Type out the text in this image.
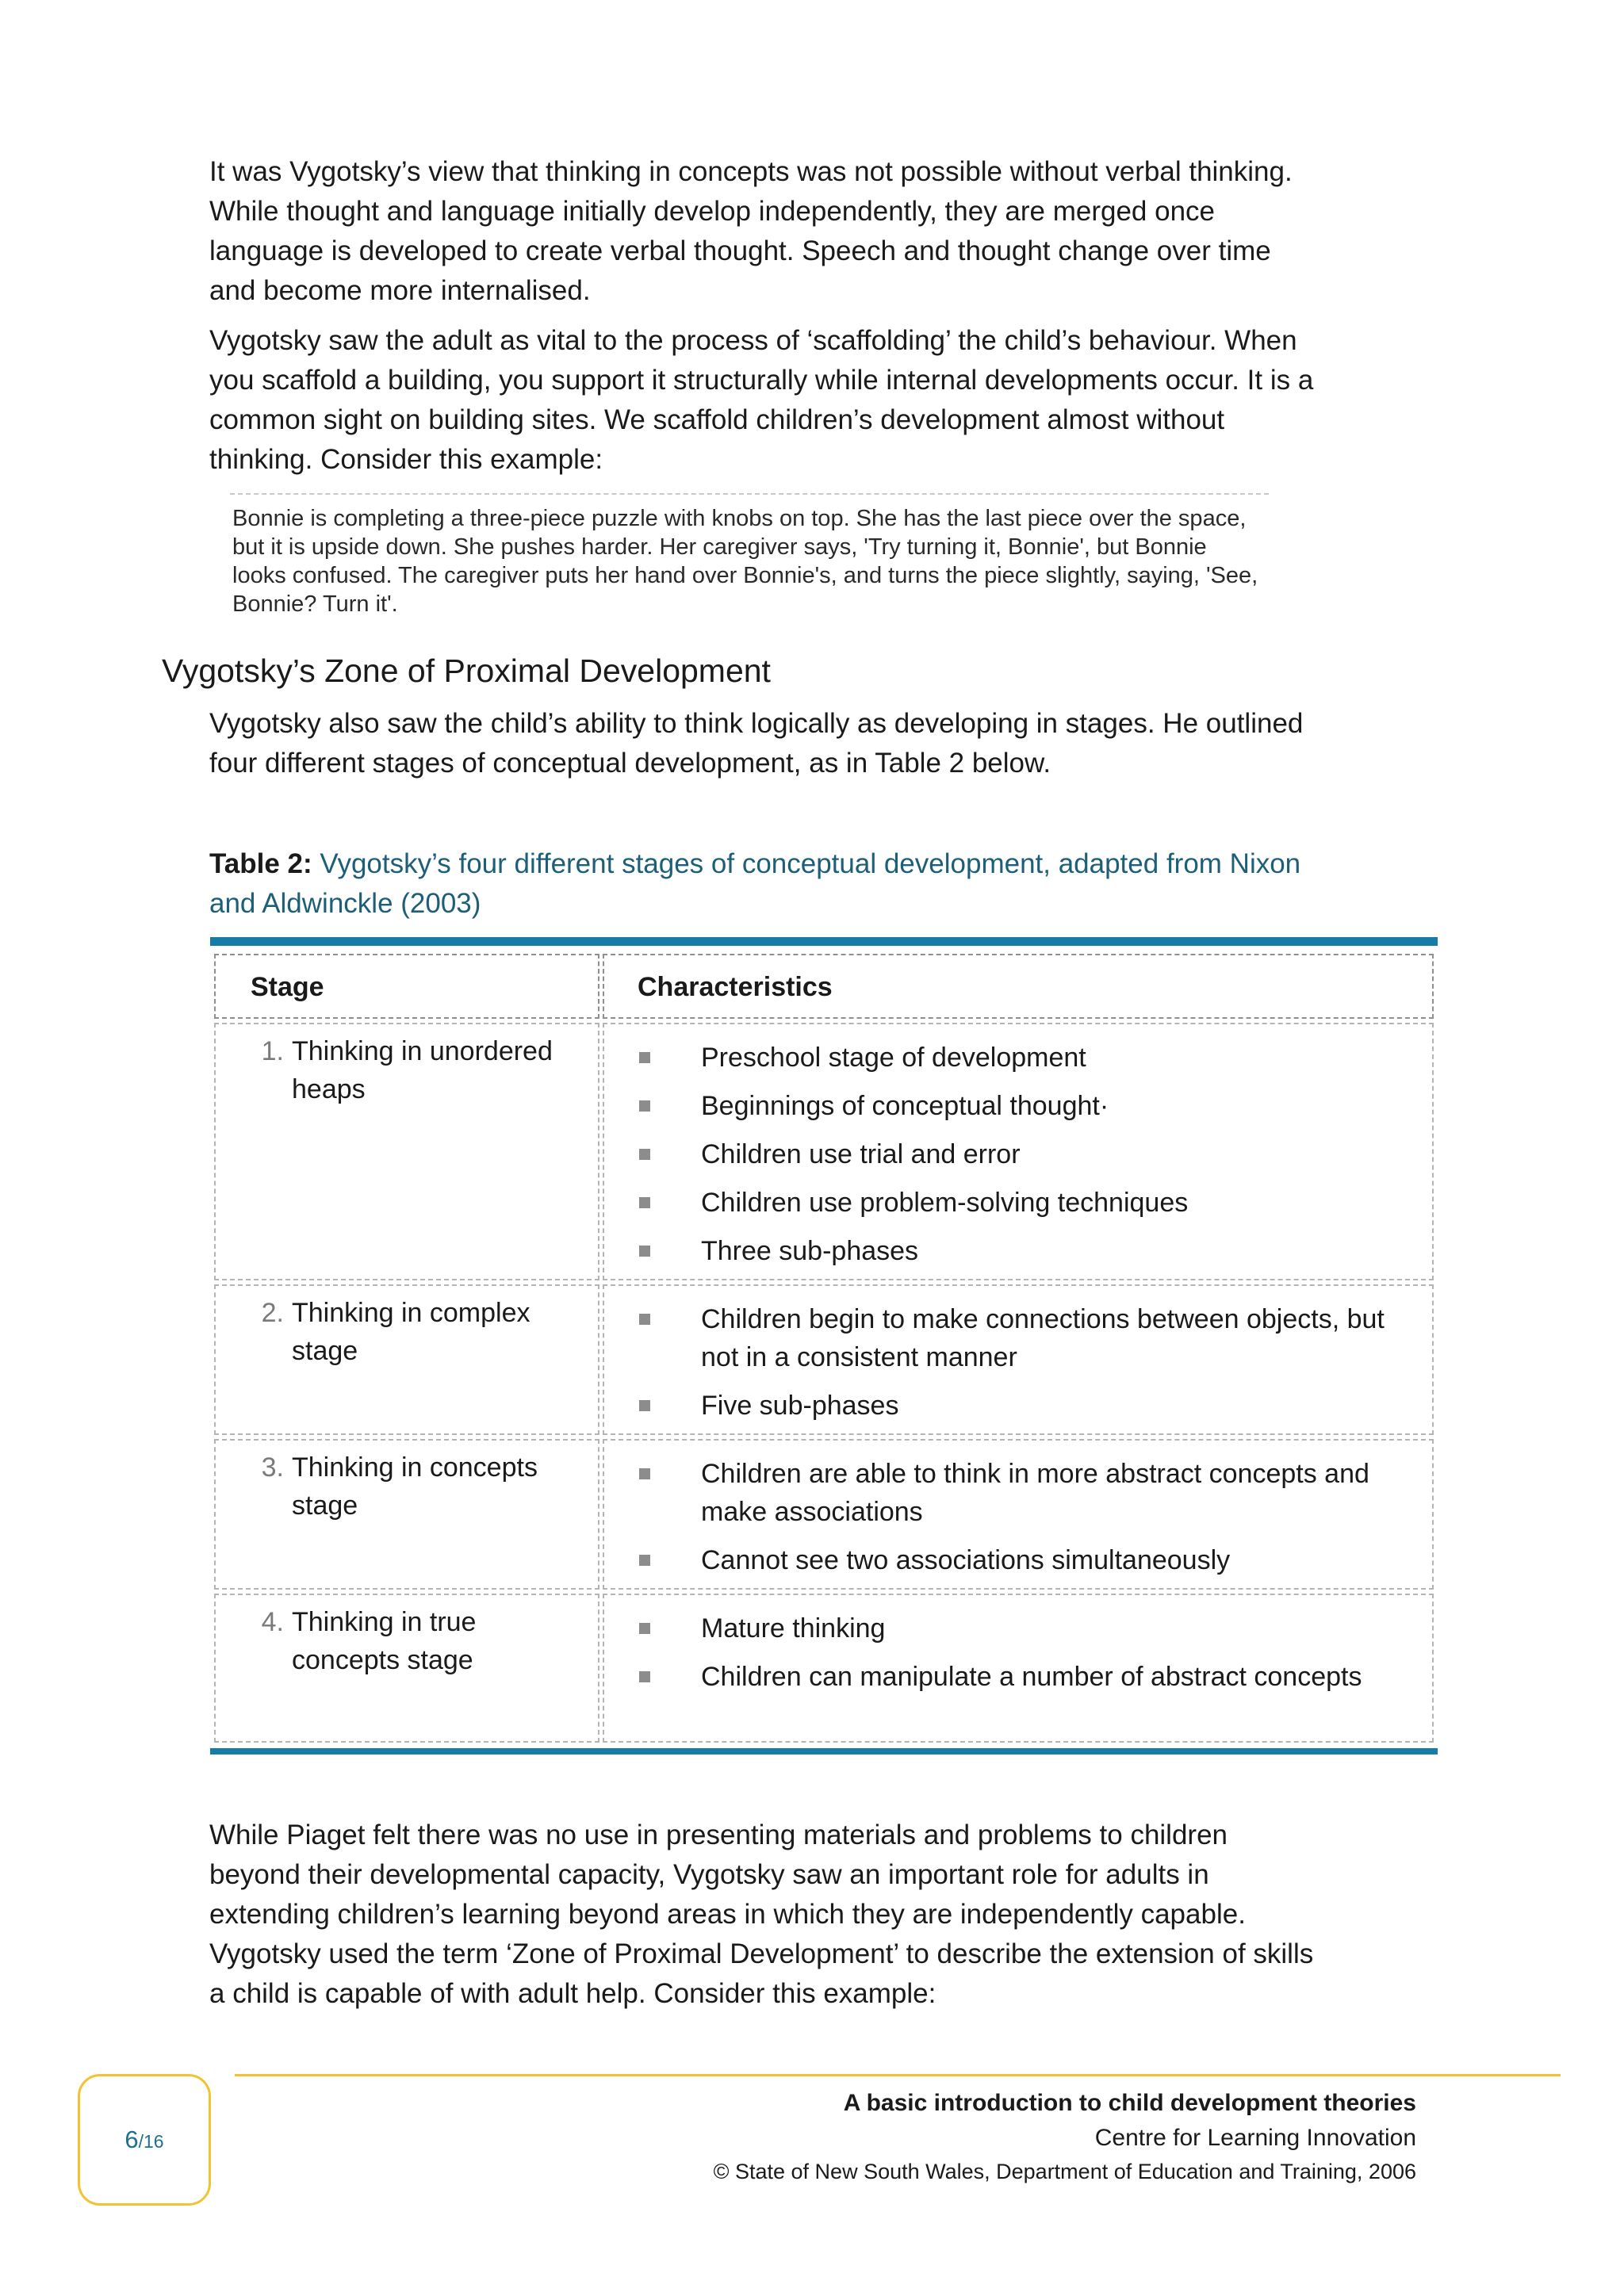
It was Vygotsky’s view that thinking in concepts was not possible without verbal thinking. While thought and language initially develop independently, they are merged once language is developed to create verbal thought. Speech and thought change over time and become more internalised.

Vygotsky saw the adult as vital to the process of ‘scaffolding’ the child’s behaviour. When you scaffold a building, you support it structurally while internal developments occur. It is a common sight on building sites. We scaffold children’s development almost without thinking. Consider this example:

Bonnie is completing a three-piece puzzle with knobs on top. She has the last piece over the space, but it is upside down. She pushes harder. Her caregiver says, 'Try turning it, Bonnie', but Bonnie looks confused. The caregiver puts her hand over Bonnie's, and turns the piece slightly, saying, 'See, Bonnie? Turn it'.

Vygotsky’s Zone of Proximal Development

Vygotsky also saw the child’s ability to think logically as developing in stages. He outlined four different stages of conceptual development, as in Table 2 below.

Table 2: Vygotsky’s four different stages of conceptual development, adapted from Nixon and Aldwinckle (2003)

Stage	Characteristics
1. Thinking in unordered heaps
Preschool stage of development
Beginnings of conceptual thought·
Children use trial and error
Children use problem-solving techniques
Three sub-phases
2. Thinking in complex stage
Children begin to make connections between objects, but not in a consistent manner
Five sub-phases
3. Thinking in concepts stage
Children are able to think in more abstract concepts and make associations
Cannot see two associations simultaneously
4. Thinking in true concepts stage
Mature thinking
Children can manipulate a number of abstract concepts

While Piaget felt there was no use in presenting materials and problems to children beyond their developmental capacity, Vygotsky saw an important role for adults in extending children’s learning beyond areas in which they are independently capable. Vygotsky used the term ‘Zone of Proximal Development’ to describe the extension of skills a child is capable of with adult help. Consider this example:

6/16

A basic introduction to child development theories

Centre for Learning Innovation

© State of New South Wales, Department of Education and Training, 2006
